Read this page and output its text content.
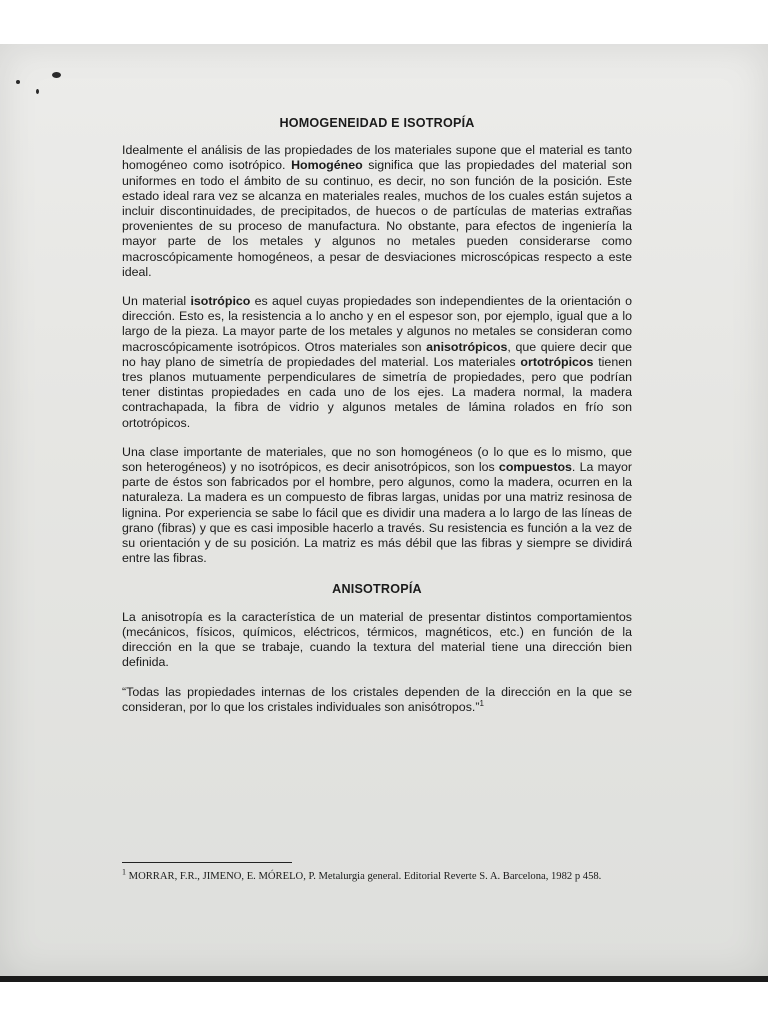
HOMOGENEIDAD E ISOTROPÍA

Idealmente el análisis de las propiedades de los materiales supone que el material es tanto homogéneo como isotrópico. Homogéneo significa que las propiedades del material son uniformes en todo el ámbito de su continuo, es decir, no son función de la posición. Este estado ideal rara vez se alcanza en materiales reales, muchos de los cuales están sujetos a incluir discontinuidades, de precipitados, de huecos o de partículas de materias extrañas provenientes de su proceso de manufactura. No obstante, para efectos de ingeniería la mayor parte de los metales y algunos no metales pueden considerarse como macroscópicamente homogéneos, a pesar de desviaciones microscópicas respecto a este ideal.

Un material isotrópico es aquel cuyas propiedades son independientes de la orientación o dirección. Esto es, la resistencia a lo ancho y en el espesor son, por ejemplo, igual que a lo largo de la pieza. La mayor parte de los metales y algunos no metales se consideran como macroscópicamente isotrópicos. Otros materiales son anisotrópicos, que quiere decir que no hay plano de simetría de propiedades del material. Los materiales ortotrópicos tienen tres planos mutuamente perpendiculares de simetría de propiedades, pero que podrían tener distintas propiedades en cada uno de los ejes. La madera normal, la madera contrachapada, la fibra de vidrio y algunos metales de lámina rolados en frío son ortotrópicos.

Una clase importante de materiales, que no son homogéneos (o lo que es lo mismo, que son heterogéneos) y no isotrópicos, es decir anisotrópicos, son los compuestos. La mayor parte de éstos son fabricados por el hombre, pero algunos, como la madera, ocurren en la naturaleza. La madera es un compuesto de fibras largas, unidas por una matriz resinosa de lignina. Por experiencia se sabe lo fácil que es dividir una madera a lo largo de las líneas de grano (fibras) y que es casi imposible hacerlo a través. Su resistencia es función a la vez de su orientación y de su posición. La matriz es más débil que las fibras y siempre se dividirá entre las fibras.

ANISOTROPÍA

La anisotropía es la característica de un material de presentar distintos comportamientos (mecánicos, físicos, químicos, eléctricos, térmicos, magnéticos, etc.) en función de la dirección en la que se trabaje, cuando la textura del material tiene una dirección bien definida.

“Todas las propiedades internas de los cristales dependen de la dirección en la que se consideran, por lo que los cristales individuales son anisótropos.”$^1$

$^1$ MORRAR, F.R., JIMENO, E. MÓRELO, P. Metalurgia general. Editorial Reverte S. A. Barcelona, 1982 p 458.
